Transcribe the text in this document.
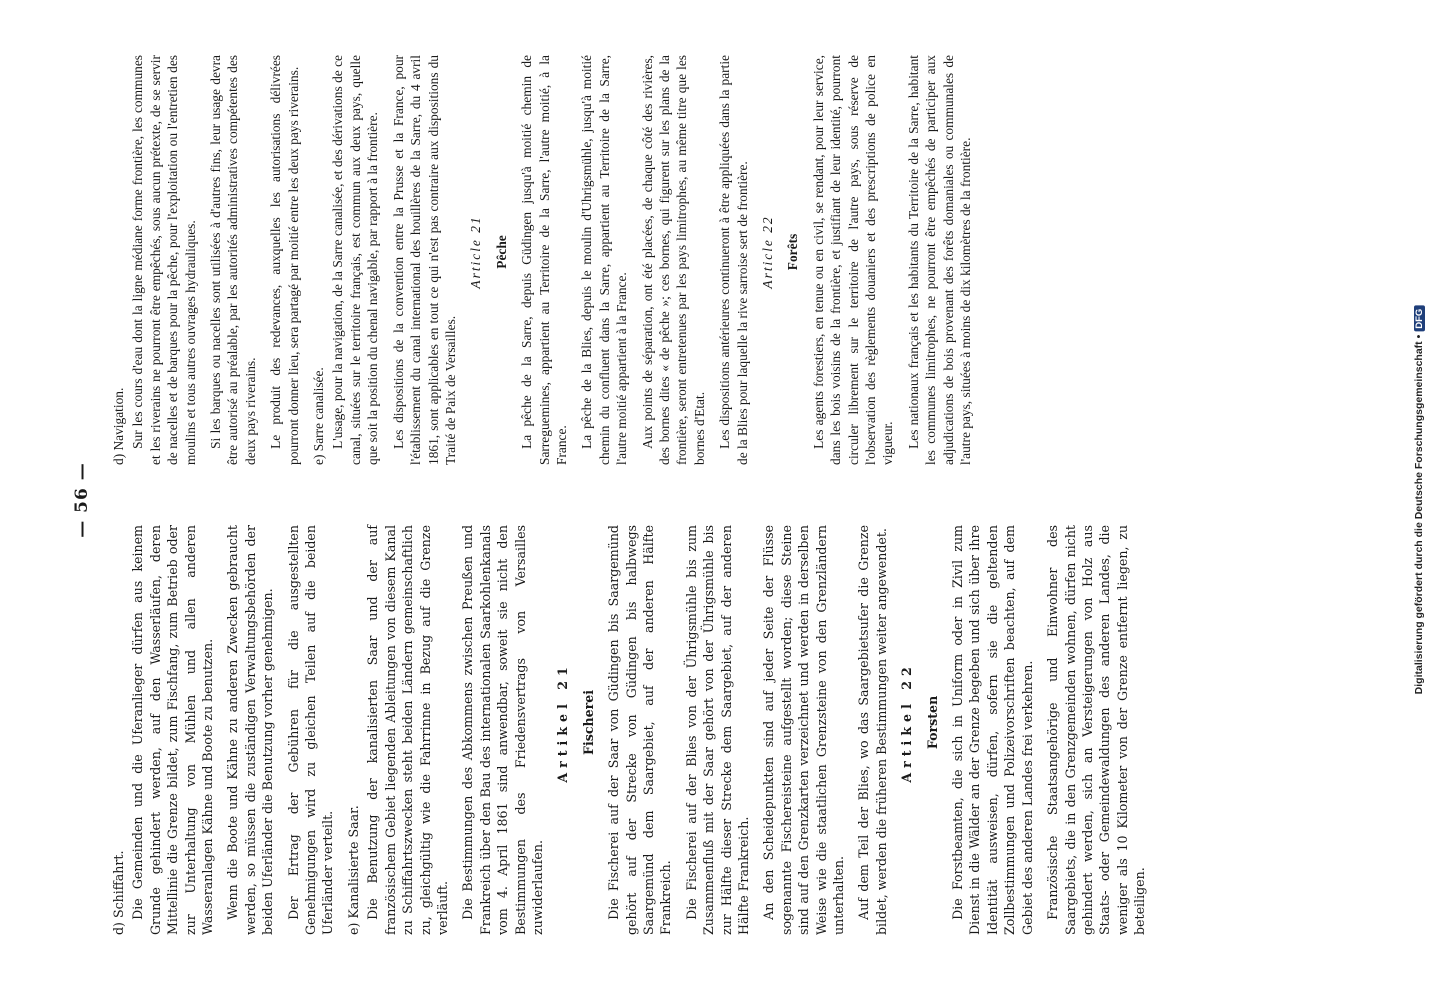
— 56 —

d) Schiffahrt. Die Gemeinden und die Uferanlieger dürfen aus keinem Grunde gehindert werden, auf den Wasserläufen, deren Mittellinie die Grenze bildet, zum Fischfang, zum Betrieb oder zur Unterhaltung von Mühlen und allen anderen Wasseranlagen Kähne und Boote zu benutzen. Wenn die Boote und Kähne zu anderen Zwecken gebraucht werden, so müssen die zuständigen Verwaltungsbehörden der beiden Uferländer die Benutzung vorher genehmigen. Der Ertrag der Gebühren für die ausgestellten Genehmigungen wird zu gleichen Teilen auf die beiden Uferländer verteilt. e) Kanalisierte Saar. Die Benutzung der kanalisierten Saar und der auf französischem Gebiet liegenden Ableitungen von diesem Kanal zu Schiffahrtszwecken steht beiden Ländern gemeinschaftlich zu, gleichgültig wie die Fahrrinne in Bezug auf die Grenze verläuft. Die Bestimmungen des Abkommens zwischen Preußen und Frankreich über den Bau des internationalen Saarkohlenkanals vom 4. April 1861 sind anwendbar, soweit sie nicht den Bestimmungen des Friedensvertrags von Versailles zuwiderlaufen.

Artikel 21 Fischerei Die Fischerei auf der Saar von Güdingen bis Saargemünd gehört auf der Strecke von Güdingen bis halbwegs Saargemünd dem Saargebiet, auf der anderen Hälfte Frankreich. Die Fischerei auf der Blies von der Ührigsmühle bis zum Zusammenfluß mit der Saar gehört von der Ührigsmühle bis zur Hälfte dieser Strecke dem Saargebiet, auf der anderen Hälfte Frankreich. An den Scheidepunkten sind auf jeder Seite der Flüsse sogenannte Fischereisteine aufgestellt worden; diese Steine sind auf den Grenzkarten verzeichnet und werden in derselben Weise wie die staatlichen Grenzsteine von den Grenzländern unterhalten. Auf dem Teil der Blies, wo das Saargebietsufer die Grenze bildet, werden die früheren Bestimmungen weiter angewendet. Artikel 22 Forsten Die Forstbeamten, die sich in Uniform oder in Zivil zum Dienst in die Wälder an der Grenze begeben und sich über ihre Identität ausweisen, dürfen, sofern sie die geltenden Zollbestimmungen und Polizeivorschriften beachten, auf dem Gebiet des anderen Landes frei verkehren. Französische Staatsangehörige und Einwohner des Saargebiets, die in den Grenzgemeinden wohnen, dürfen nicht gehindert werden, sich an Versteigerungen von Holz aus Staats- oder Gemeindewaldungen des anderen Landes, die weniger als 10 Kilometer von der Grenze entfernt liegen, zu beteiligen.

d) Navigation. Sur les cours d'eau dont la ligne médiane forme frontière, les communes et les riverains ne pourront être empêchés, sous aucun prétexte, de se servir de nacelles et de barques pour la pêche, pour l'exploitation ou l'entretien des moulins et tous autres ouvrages hydrauliques. Si les barques ou nacelles sont utilisées à d'autres fins, leur usage devra être autorisé au préalable, par les autorités administratives compétentes des deux pays riverains. Le produit des redevances, auxquelles les autorisations délivrées pourront donner lieu, sera partagé par moitié entre les deux pays riverains. e) Sarre canalisée. L'usage, pour la navigation, de la Sarre canalisée, et des dérivations de ce canal, situées sur le territoire français, est commun aux deux pays, quelle que soit la position du chenal navigable, par rapport à la frontière. Les dispositions de la convention entre la Prusse et la France, pour l'établissement du canal international des houillères de la Sarre, du 4 avril 1861, sont applicables en tout ce qui n'est pas contraire aux dispositions du Traité de Paix de Versailles.

Article 21 Pêche La pêche de la Sarre, depuis Güdingen jusqu'à moitié chemin de Sarreguemines, appartient au Territoire de la Sarre, l'autre moitié, à la France. La pêche de la Blies, depuis le moulin d'Uhrigsmühle, jusqu'à moitié chemin du confluent dans la Sarre, appartient au Territoire de la Sarre, l'autre moitié appartient à la France. Aux points de séparation, ont été placées, de chaque côté des rivières, des bornes dites « de pêche »; ces bornes, qui figurent sur les plans de la frontière, seront entretenues par les pays limitrophes, au même titre que les bornes d'Etat. Les dispositions antérieures continueront à être appliquées dans la partie de la Blies pour laquelle la rive sarroise sert de frontière. Article 22 Forêts Les agents forestiers, en tenue ou en civil, se rendant, pour leur service, dans les bois voisins de la frontière, et justifiant de leur identité, pourront circuler librement sur le territoire de l'autre pays, sous réserve de l'observation des règlements douaniers et des prescriptions de police en vigueur. Les nationaux français et les habitants du Territoire de la Sarre, habitant les communes limitrophes, ne pourront être empêchés de participer aux adjudications de bois provenant des forêts domaniales ou communales de l'autre pays, situées à moins de dix kilomètres de la frontière.

Digitalisierung gefördert durch die Deutsche Forschungsgemeinschaft •DFG
